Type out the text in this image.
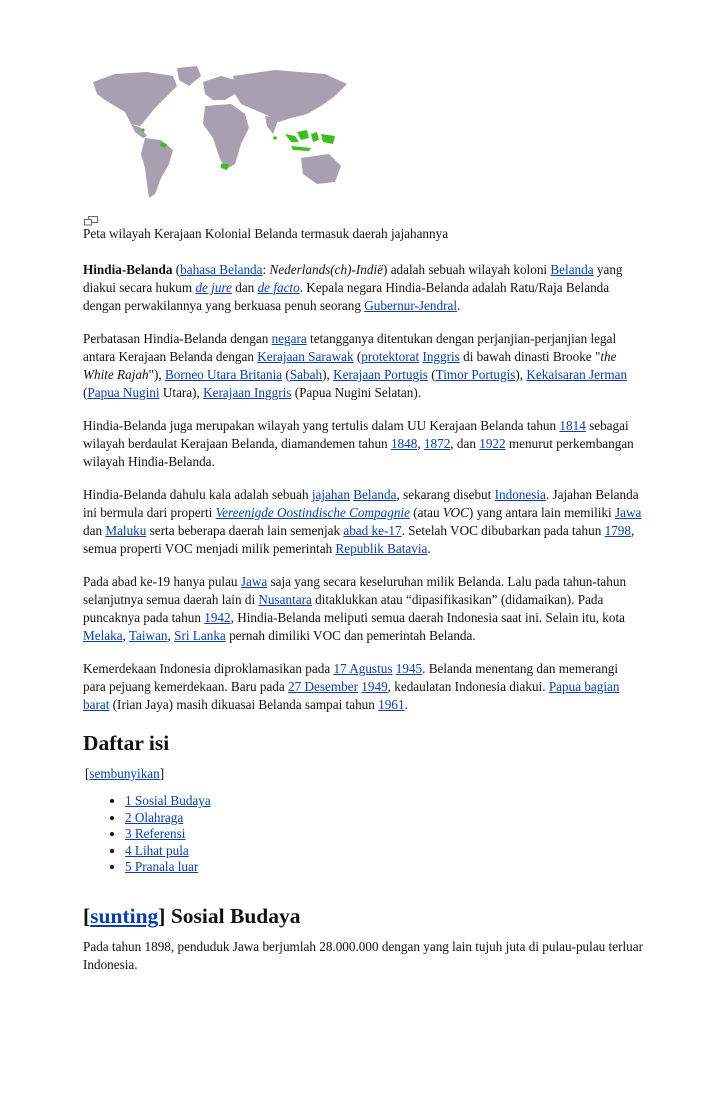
Peta wilayah Kerajaan Kolonial Belanda termasuk daerah jajahannya

Hindia-Belanda (bahasa Belanda: Nederlands(ch)-Indië) adalah sebuah wilayah koloni Belanda yang diakui secara hukum de jure dan de facto. Kepala negara Hindia-Belanda adalah Ratu/Raja Belanda dengan perwakilannya yang berkuasa penuh seorang Gubernur-Jendral.

Perbatasan Hindia-Belanda dengan negara tetangganya ditentukan dengan perjanjian-perjanjian legal antara Kerajaan Belanda dengan Kerajaan Sarawak (protektorat Inggris di bawah dinasti Brooke "the White Rajah"), Borneo Utara Britania (Sabah), Kerajaan Portugis (Timor Portugis), Kekaisaran Jerman (Papua Nugini Utara), Kerajaan Inggris (Papua Nugini Selatan).

Hindia-Belanda juga merupakan wilayah yang tertulis dalam UU Kerajaan Belanda tahun 1814 sebagai wilayah berdaulat Kerajaan Belanda, diamandemen tahun 1848, 1872, dan 1922 menurut perkembangan wilayah Hindia-Belanda.

Hindia-Belanda dahulu kala adalah sebuah jajahan Belanda, sekarang disebut Indonesia. Jajahan Belanda ini bermula dari properti Vereenigde Oostindische Compagnie (atau VOC) yang antara lain memiliki Jawa dan Maluku serta beberapa daerah lain semenjak abad ke-17. Setelah VOC dibubarkan pada tahun 1798, semua properti VOC menjadi milik pemerintah Republik Batavia.

Pada abad ke-19 hanya pulau Jawa saja yang secara keseluruhan milik Belanda. Lalu pada tahun-tahun selanjutnya semua daerah lain di Nusantara ditaklukkan atau “dipasifikasikan” (didamaikan). Pada puncaknya pada tahun 1942, Hindia-Belanda meliputi semua daerah Indonesia saat ini. Selain itu, kota Melaka, Taiwan, Sri Lanka pernah dimiliki VOC dan pemerintah Belanda.

Kemerdekaan Indonesia diproklamasikan pada 17 Agustus 1945. Belanda menentang dan memerangi para pejuang kemerdekaan. Baru pada 27 Desember 1949, kedaulatan Indonesia diakui. Papua bagian barat (Irian Jaya) masih dikuasai Belanda sampai tahun 1961.

Daftar isi
[sembunyikan]
• 1 Sosial Budaya
• 2 Olahraga
• 3 Referensi
• 4 Lihat pula
• 5 Pranala luar
[sunting] Sosial Budaya

Pada tahun 1898, penduduk Jawa berjumlah 28.000.000 dengan yang lain tujuh juta di pulau-pulau terluar Indonesia.
